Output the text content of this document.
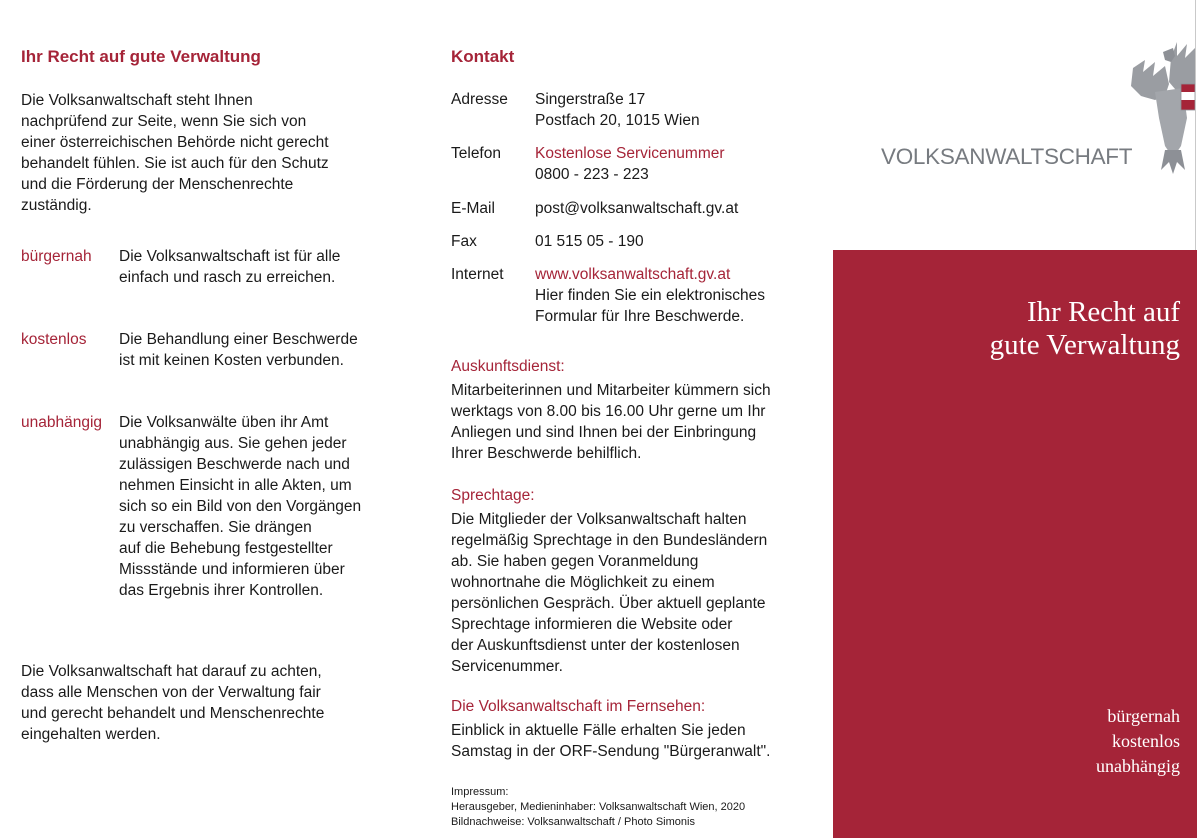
Ihr Recht auf gute Verwaltung
Die Volksanwaltschaft steht Ihnen
nachprüfend zur Seite, wenn Sie sich von
einer österreichischen Behörde nicht gerecht
behandelt fühlen. Sie ist auch für den Schutz
und die Förderung der Menschenrechte
zuständig.
bürgernah Die Volksanwaltschaft ist für alle
einfach und rasch zu erreichen.
kostenlos Die Behandlung einer Beschwerde
ist mit keinen Kosten verbunden.
unabhängig Die Volksanwälte üben ihr Amt
unabhängig aus. Sie gehen jeder
zulässigen Beschwerde nach und
nehmen Einsicht in alle Akten, um
sich so ein Bild von den Vorgängen
zu verschaffen. Sie drängen
auf die Behebung festgestellter
Missstände und informieren über
das Ergebnis ihrer Kontrollen.
Die Volksanwaltschaft hat darauf zu achten,
dass alle Menschen von der Verwaltung fair
und gerecht behandelt und Menschenrechte
eingehalten werden.
Kontakt
Adresse Singerstraße 17
Postfach 20, 1015 Wien
Telefon Kostenlose Servicenummer
0800 - 223 - 223
E-Mail	post@volksanwaltschaft.gv.at
Fax	01 515 05 - 190
Internet www.volksanwaltschaft.gv.at
Hier finden Sie ein elektronisches
Formular für Ihre Beschwerde.
Auskunftsdienst:
Mitarbeiterinnen und Mitarbeiter kümmern sich
werktags von 8.00 bis 16.00 Uhr gerne um Ihr
Anliegen und sind Ihnen bei der Einbringung
Ihrer Beschwerde behilflich.
Sprechtage:
Die Mitglieder der Volksanwaltschaft halten
regelmäßig Sprechtage in den Bundesländern
ab. Sie haben gegen Voranmeldung
wohnortnahe die Möglichkeit zu einem
persönlichen Gespräch. Über aktuell geplante
Sprechtage informieren die Website oder
der Auskunftsdienst unter der kostenlosen
Servicenummer.
Die Volksanwaltschaft im Fernsehen:
Einblick in aktuelle Fälle erhalten Sie jeden
Samstag in der ORF-Sendung "Bürgeranwalt".
Impressum:
Herausgeber, Medieninhaber: Volksanwaltschaft Wien, 2020
Bildnachweise: Volksanwaltschaft / Photo Simonis
VOLKSANWALTSCHAFT
Ihr Recht auf
gute Verwaltung
bürgernah
kostenlos
unabhängig
